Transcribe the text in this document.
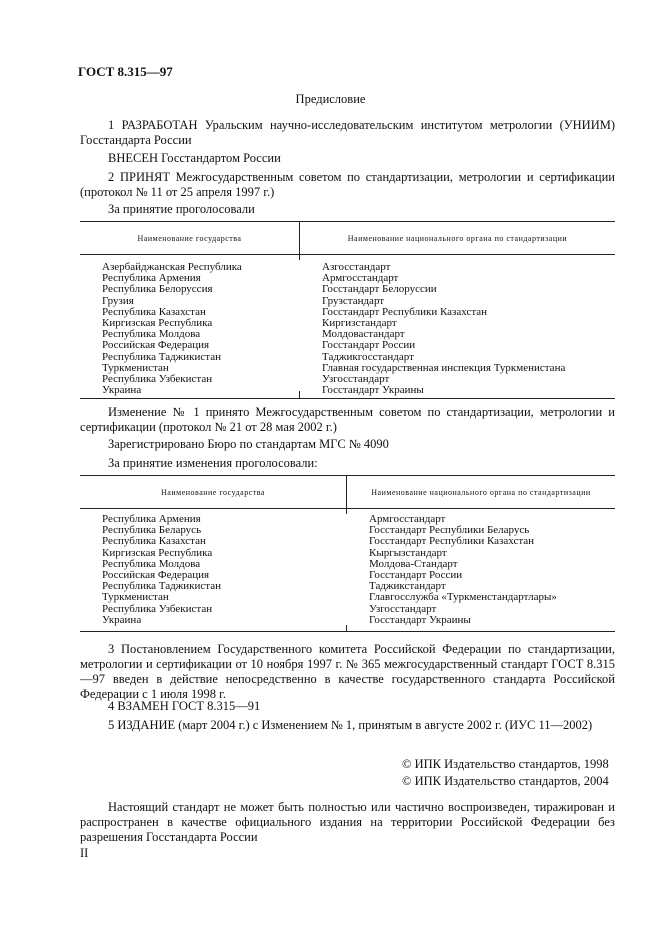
ГОСТ 8.315—97
Предисловие

1 РАЗРАБОТАН Уральским научно-исследовательским институтом метрологии (УНИИМ) Госстандарта России

ВНЕСЕН Госстандартом России

2 ПРИНЯТ Межгосударственным советом по стандартизации, метрологии и сертификации (протокол № 11 от 25 апреля 1997 г.)

За принятие проголосовали
Наименование государства	Наименование национального органа по стандартизации
Азербайджанская Республика
Республика Армения
Республика Белоруссия
Грузия
Республика Казахстан
Киргизская Республика
Республика Молдова
Российская Федерация
Республика Таджикистан
Туркменистан
Республика Узбекистан
Украина
Азгосстандарт
Армгосстандарт
Госстандарт Белоруссии
Грузстандарт
Госстандарт Республики Казахстан
Киргизстандарт
Молдовастандарт
Госстандарт России
Таджикгосстандарт
Главная государственная инспекция Туркменистана
Узгосстандарт
Госстандарт Украины

Изменение № 1 принято Межгосударственным советом по стандартизации, метрологии и сертификации (протокол № 21 от 28 мая 2002 г.)

Зарегистрировано Бюро по стандартам МГС № 4090
За принятие изменения проголосовали:
Наименование государства	Наименование национального органа по стандартизации
Республика Армения
Республика Беларусь
Республика Казахстан
Киргизская Республика
Республика Молдова
Российская Федерация
Республика Таджикистан
Туркменистан
Республика Узбекистан
Украина
Армгосстандарт
Госстандарт Республики Беларусь
Госстандарт Республики Казахстан
Кыргызстандарт
Молдова-Стандарт
Госстандарт России
Таджикстандарт
Главгосслужба «Туркменстандартлары»
Узгосстандарт
Госстандарт Украины

3 Постановлением Государственного комитета Российской Федерации по стандартизации, метрологии и сертификации от 10 ноября 1997 г. № 365 межгосударственный стандарт ГОСТ 8.315—97 введен в действие непосредственно в качестве государственного стандарта Российской Федерации с 1 июля 1998 г.

4 ВЗАМЕН ГОСТ 8.315—91
5 ИЗДАНИЕ (март 2004 г.) с Изменением № 1, принятым в августе 2002 г. (ИУС 11—2002)
© ИПК Издательство стандартов, 1998
© ИПК Издательство стандартов, 2004

Настоящий стандарт не может быть полностью или частично воспроизведен, тиражирован и распространен в качестве официального издания на территории Российской Федерации без разрешения Госстандарта России

II
